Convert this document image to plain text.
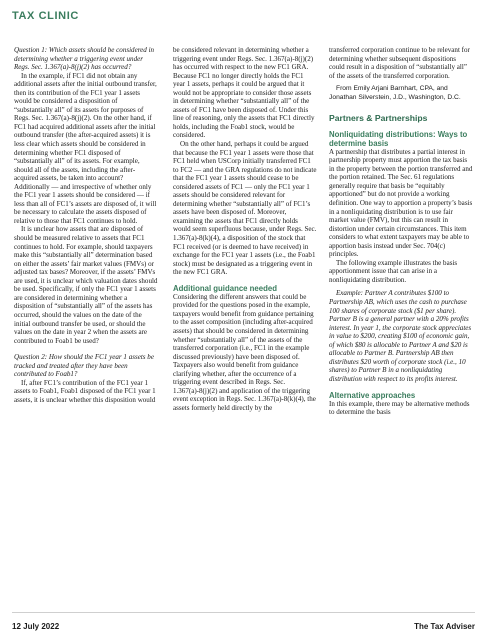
TAX CLINIC

Question 1: Which assets should be considered in determining whether a triggering event under Regs. Sec. 1.367(a)-8(j)(2) has occurred?

In the example, if FC1 did not obtain any additional assets after the initial outbound transfer, then its contribution of the FC1 year 1 assets would be considered a disposition of “substantially all” of its assets for purposes of Regs. Sec. 1.367(a)-8(j)(2). On the other hand, if FC1 had acquired additional assets after the initial outbound transfer (the after-acquired assets) it is less clear which assets should be considered in determining whether FC1 disposed of “substantially all” of its assets. For example, should all of the assets, including the after-acquired assets, be taken into account? Additionally — and irrespective of whether only the FC1 year 1 assets should be considered — if less than all of FC1’s assets are disposed of, it will be necessary to calculate the assets disposed of relative to those that FC1 continues to hold.

It is unclear how assets that are disposed of should be measured relative to assets that FC1 continues to hold. For example, should taxpayers make this “substantially all” determination based on either the assets’ fair market values (FMVs) or adjusted tax bases? Moreover, if the assets’ FMVs are used, it is unclear which valuation dates should be used. Specifically, if only the FC1 year 1 assets are considered in determining whether a disposition of “substantially all” of the assets has occurred, should the values on the date of the initial outbound transfer be used, or should the values on the date in year 2 when the assets are contributed to Foab1 be used?

Question 2: How should the FC1 year 1 assets be tracked and treated after they have been contributed to Foab1?

If, after FC1’s contribution of the FC1 year 1 assets to Foab1, Foab1 disposed of the FC1 year 1 assets, it is unclear whether this disposition would

be considered relevant in determining whether a triggering event under Regs. Sec. 1.367(a)-8(j)(2) has occurred with respect to the new FC1 GRA. Because FC1 no longer directly holds the FC1 year 1 assets, perhaps it could be argued that it would not be appropriate to consider those assets in determining whether “substantially all” of the assets of FC1 have been disposed of. Under this line of reasoning, only the assets that FC1 directly holds, including the Foab1 stock, would be considered.

On the other hand, perhaps it could be argued that because the FC1 year 1 assets were those that FC1 held when USCorp initially transferred FC1 to FC2 — and the GRA regulations do not indicate that the FC1 year 1 assets should cease to be considered assets of FC1 — only the FC1 year 1 assets should be considered relevant for determining whether “substantially all” of FC1’s assets have been disposed of. Moreover, examining the assets that FC1 directly holds would seem superfluous because, under Regs. Sec. 1.367(a)-8(k)(4), a disposition of the stock that FC1 received (or is deemed to have received) in exchange for the FC1 year 1 assets (i.e., the Foab1 stock) must be designated as a triggering event in the new FC1 GRA.

Additional guidance needed

Considering the different answers that could be provided for the questions posed in the example, taxpayers would benefit from guidance pertaining to the asset composition (including after-acquired assets) that should be considered in determining whether “substantially all” of the assets of the transferred corporation (i.e., FC1 in the example discussed previously) have been disposed of. Taxpayers also would benefit from guidance clarifying whether, after the occurrence of a triggering event described in Regs. Sec. 1.367(a)-8(j)(2) and application of the triggering event exception in Regs. Sec. 1.367(a)-8(k)(4), the assets formerly held directly by the

transferred corporation continue to be relevant for determining whether subsequent dispositions could result in a disposition of “substantially all” of the assets of the transferred corporation.

From Emily Arjani Barnhart, CPA, and Jonathan Silverstein, J.D., Washington, D.C.

Partners & Partnerships
Nonliquidating distributions: Ways to determine basis

A partnership that distributes a partial interest in partnership property must apportion the tax basis in the property between the portion transferred and the portion retained. The Sec. 61 regulations generally require that basis be “equitably apportioned” but do not provide a working definition. One way to apportion a property’s basis in a nonliquidating distribution is to use fair market value (FMV), but this can result in distortion under certain circumstances. This item considers to what extent taxpayers may be able to apportion basis instead under Sec. 704(c) principles.

The following example illustrates the basis apportionment issue that can arise in a nonliquidating distribution.

Example: Partner A contributes $100 to Partnership AB, which uses the cash to purchase 100 shares of corporate stock ($1 per share). Partner B is a general partner with a 20% profits interest. In year 1, the corporate stock appreciates in value to $200, creating $100 of economic gain, of which $80 is allocable to Partner A and $20 is allocable to Partner B. Partnership AB then distributes $20 worth of corporate stock (i.e., 10 shares) to Partner B in a nonliquidating distribution with respect to its profits interest.

Alternative approaches

In this example, there may be alternative methods to determine the basis

12 July 2022	The Tax Adviser
